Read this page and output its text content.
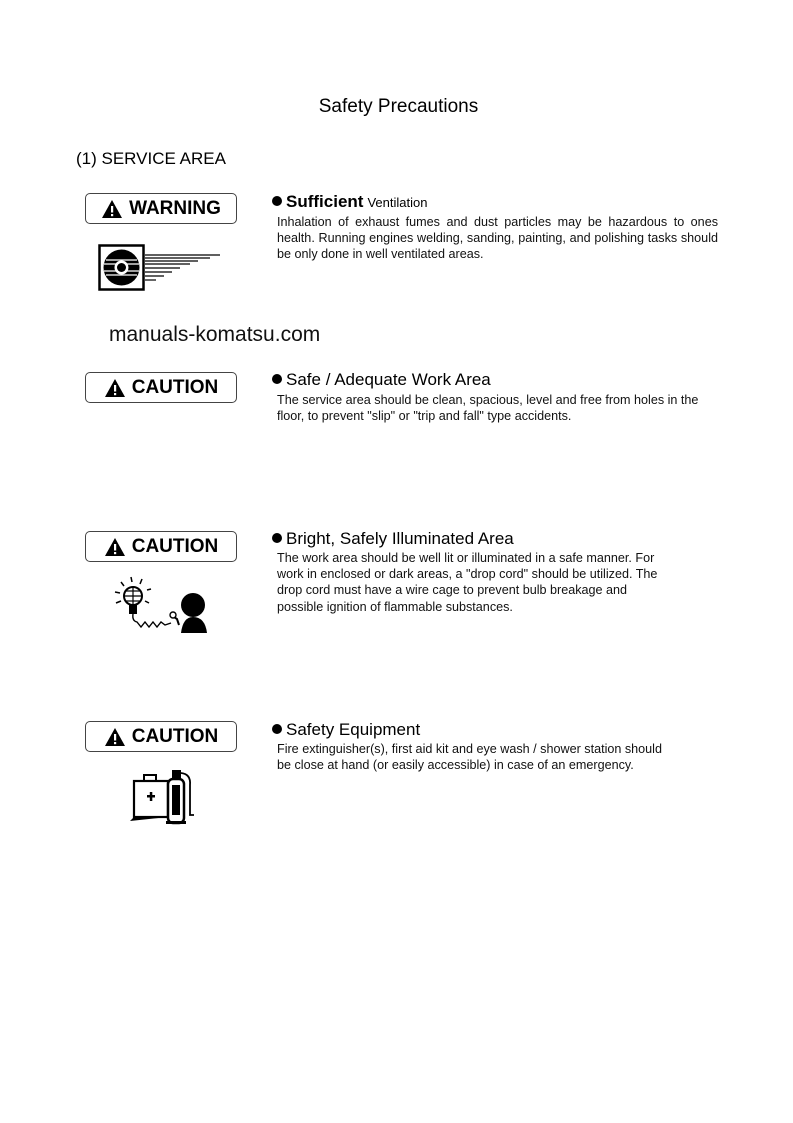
Safety Precautions
(1) SERVICE AREA
manuals-komatsu.com
WARNING	Sufficient Ventilation
Inhalation of exhaust fumes and dust particles may be hazardous to ones health. Running engines welding, sanding, painting, and polishing tasks should be only done in well ventilated areas.
CAUTION	Safe / Adequate Work Area
The service area should be clean, spacious, level and free from holes in the floor, to prevent "slip" or "trip and fall" type accidents.
CAUTION	Bright, Safely Illuminated Area
The work area should be well lit or illuminated in a safe manner. For
work in enclosed or dark areas, a "drop cord" should be utilized. The
drop cord must have a wire cage to prevent bulb breakage and
possible ignition of flammable substances.
CAUTION	Safety Equipment
Fire extinguisher(s), first aid kit and eye wash / shower station should
be close at hand (or easily accessible) in case of an emergency.
